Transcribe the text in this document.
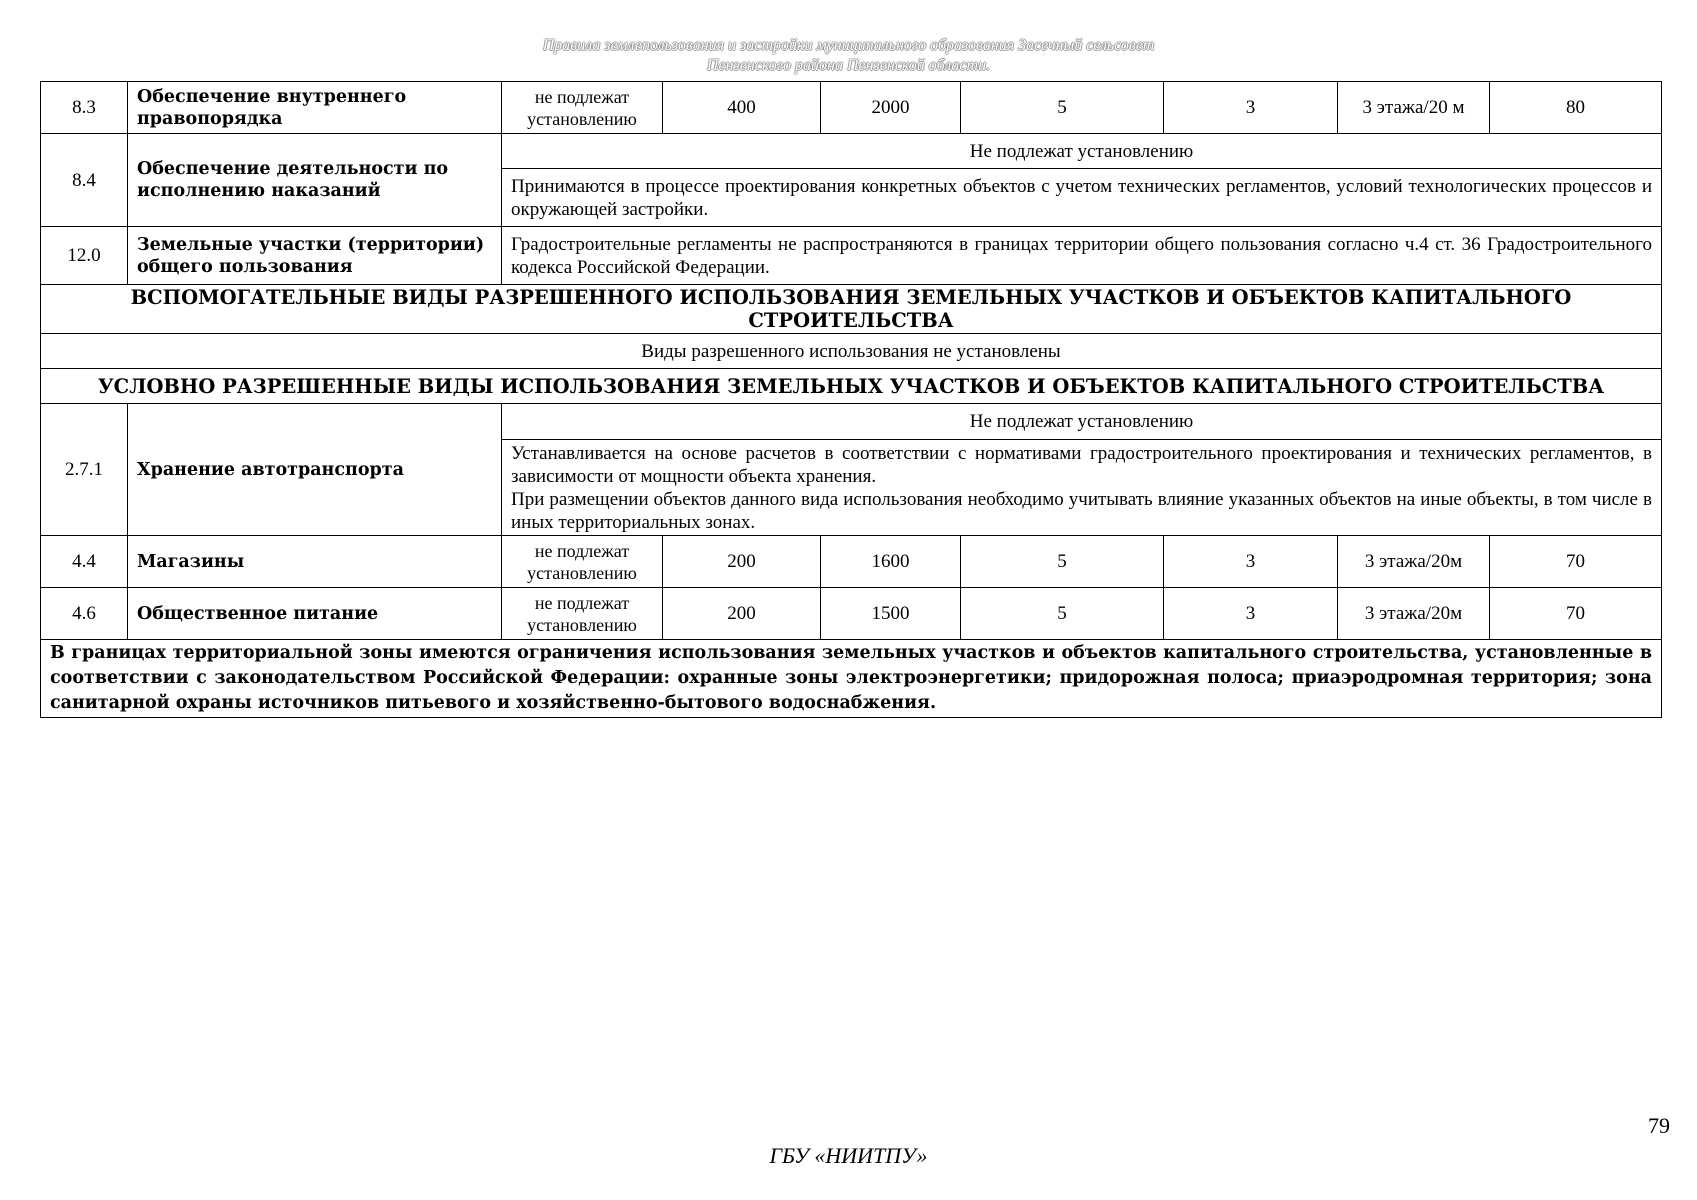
Правила землепользования и застройки муниципального образования Засечный сельсовет
Пензенского района Пензенской области.
8.3	Обеспечение внутреннего правопорядка	не подлежат установлению	400	2000	5	3	3 этажа/20 м	80
8.4	Обеспечение деятельности по исполнению наказаний	Не подлежат установлению						
		Принимаются в процессе проектирования конкретных объектов с учетом технических регламентов, условий технологических процессов и окружающей застройки.						
12.0	Земельные участки (территории) общего пользования	Градостроительные регламенты не распространяются в границах территории общего пользования согласно ч.4 ст. 36 Градостроительного кодекса Российской Федерации.						
ВСПОМОГАТЕЛЬНЫЕ ВИДЫ РАЗРЕШЕННОГО ИСПОЛЬЗОВАНИЯ ЗЕМЕЛЬНЫХ УЧАСТКОВ И ОБЪЕКТОВ КАПИТАЛЬНОГО СТРОИТЕЛЬСТВА								
Виды разрешенного использования не установлены								
УСЛОВНО РАЗРЕШЕННЫЕ ВИДЫ ИСПОЛЬЗОВАНИЯ ЗЕМЕЛЬНЫХ УЧАСТКОВ И ОБЪЕКТОВ КАПИТАЛЬНОГО СТРОИТЕЛЬСТВА								
2.7.1	Хранение автотранспорта	Не подлежат установлению						

		Устанавливается на основе расчетов в соответствии с нормативами градостроительного проектирования и технических регламентов, в зависимости от мощности объекта хранения.
При размещении объектов данного вида использования необходимо учитывать влияние указанных объектов на иные объекты, в том числе в иных территориальных зонах.						

4.4	Магазины	не подлежат установлению	200	1600	5	3	3 этажа/20м	70
4.6	Общественное питание	не подлежат установлению	200	1500	5	3	3 этажа/20м	70
В границах территориальной зоны имеются ограничения использования земельных участков и объектов капитального строительства, установленные в соответствии с законодательством Российской Федерации: охранные зоны электроэнергетики; придорожная полоса; приаэродромная территория; зона санитарной охраны источников питьевого и хозяйственно-бытового водоснабжения.								
79
ГБУ «НИИТПУ»
